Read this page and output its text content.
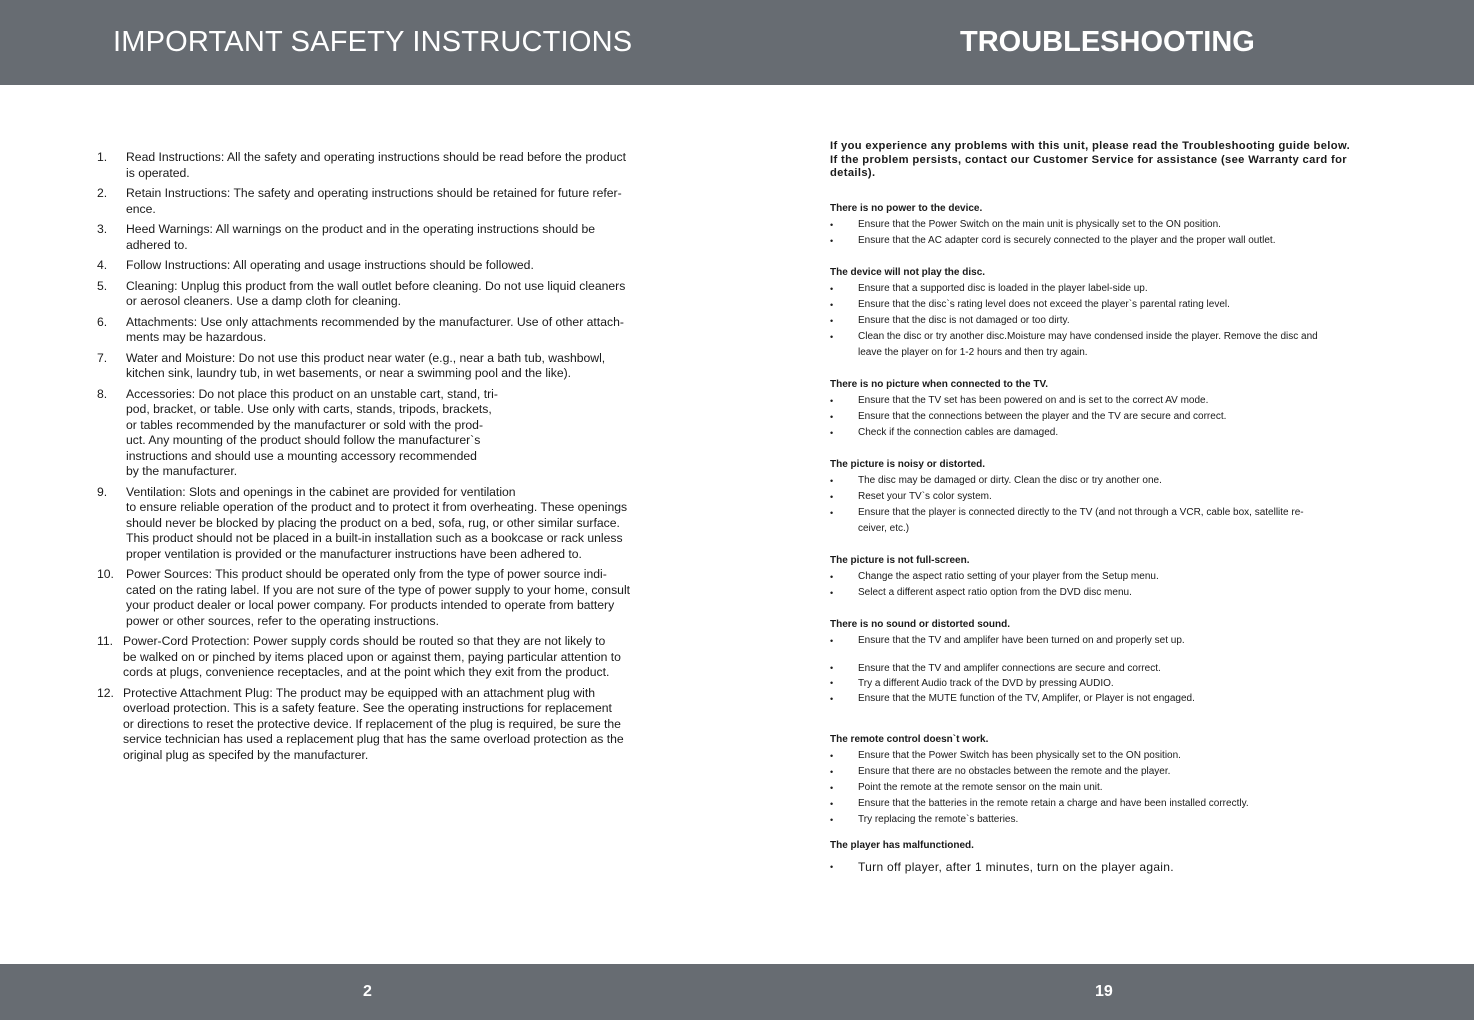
IMPORTANT SAFETY INSTRUCTIONS	TROUBLESHOOTING
1.	Read Instructions: All the safety and operating instructions should be read before the product
is operated.
2.	Retain Instructions: The safety and operating instructions should be retained for future refer-
ence.
3.	Heed Warnings: All warnings on the product and in the operating instructions should be
adhered to.
4.	Follow Instructions: All operating and usage instructions should be followed.
5.	Cleaning: Unplug this product from the wall outlet before cleaning. Do not use liquid cleaners
or aerosol cleaners. Use a damp cloth for cleaning.
6.	Attachments: Use only attachments recommended by the manufacturer. Use of other attach-
ments may be hazardous.
7.	Water and Moisture: Do not use this product near water (e.g., near a bath tub, washbowl,
kitchen sink, laundry tub, in wet basements, or near a swimming pool and the like).
8.	Accessories: Do not place this product on an unstable cart, stand, tri-
pod, bracket, or table. Use only with carts, stands, tripods, brackets,
or tables recommended by the manufacturer or sold with the prod-
uct. Any mounting of the product should follow the manufacturer`s
instructions and should use a mounting accessory recommended
by the manufacturer.
9.	Ventilation: Slots and openings in the cabinet are provided for ventilation
to ensure reliable operation of the product and to protect it from overheating. These openings
should never be blocked by placing the product on a bed, sofa, rug, or other similar surface.
This product should not be placed in a built-in installation such as a bookcase or rack unless
proper ventilation is provided or the manufacturer instructions have been adhered to.
10. Power Sources: This product should be operated only from the type of power source indi-
cated on the rating label. If you are not sure of the type of power supply to your home, consult
your product dealer or local power company. For products intended to operate from battery
power or other sources, refer to the operating instructions.
11. Power-Cord Protection: Power supply cords should be routed so that they are not likely to
be walked on or pinched by items placed upon or against them, paying particular attention to
cords at plugs, convenience receptacles, and at the point which they exit from the product.
12. Protective Attachment Plug: The product may be equipped with an attachment plug with
overload protection. This is a safety feature. See the operating instructions for replacement
or directions to reset the protective device. If replacement of the plug is required, be sure the
service technician has used a replacement plug that has the same overload protection as the
original plug as specifed by the manufacturer.

If you experience any problems with this unit, please read the Troubleshooting guide below.
If the problem persists, contact our Customer Service for assistance (see Warranty card for
details).

There is no power to the device.
•	Ensure that the Power Switch on the main unit is physically set to the ON position.
•	Ensure that the AC adapter cord is securely connected to the player and the proper wall outlet.
The device will not play the disc.
•	Ensure that a supported disc is loaded in the player label-side up.
•	Ensure that the disc`s rating level does not exceed the player`s parental rating level.
•	Ensure that the disc is not damaged or too dirty.
•	Clean the disc or try another disc.Moisture may have condensed inside the player. Remove the disc and
leave the player on for 1-2 hours and then try again.
There is no picture when connected to the TV.
•	Ensure that the TV set has been powered on and is set to the correct AV mode.
•	Ensure that the connections between the player and the TV are secure and correct.
•	Check if the connection cables are damaged.
The picture is noisy or distorted.
•	The disc may be damaged or dirty. Clean the disc or try another one.
•	Reset your TV`s color system.
•	Ensure that the player is connected directly to the TV (and not through a VCR, cable box, satellite re-
ceiver, etc.)
The picture is not full-screen.
•	Change the aspect ratio setting of your player from the Setup menu.
•	Select a different aspect ratio option from the DVD disc menu.
There is no sound or distorted sound.
•	Ensure that the TV and amplifer have been turned on and properly set up.
•	Ensure that the TV and amplifer connections are secure and correct.
•	Try a different Audio track of the DVD by pressing AUDIO.
•	Ensure that the MUTE function of the TV, Amplifer, or Player is not engaged.
The remote control doesn`t work.
•	Ensure that the Power Switch has been physically set to the ON position.
•	Ensure that there are no obstacles between the remote and the player.
•	Point the remote at the remote sensor on the main unit.
•	Ensure that the batteries in the remote retain a charge and have been installed correctly.
•	Try replacing the remote`s batteries.
The player has malfunctioned.
•	Turn off player, after 1 minutes, turn on the player again.
2	19
